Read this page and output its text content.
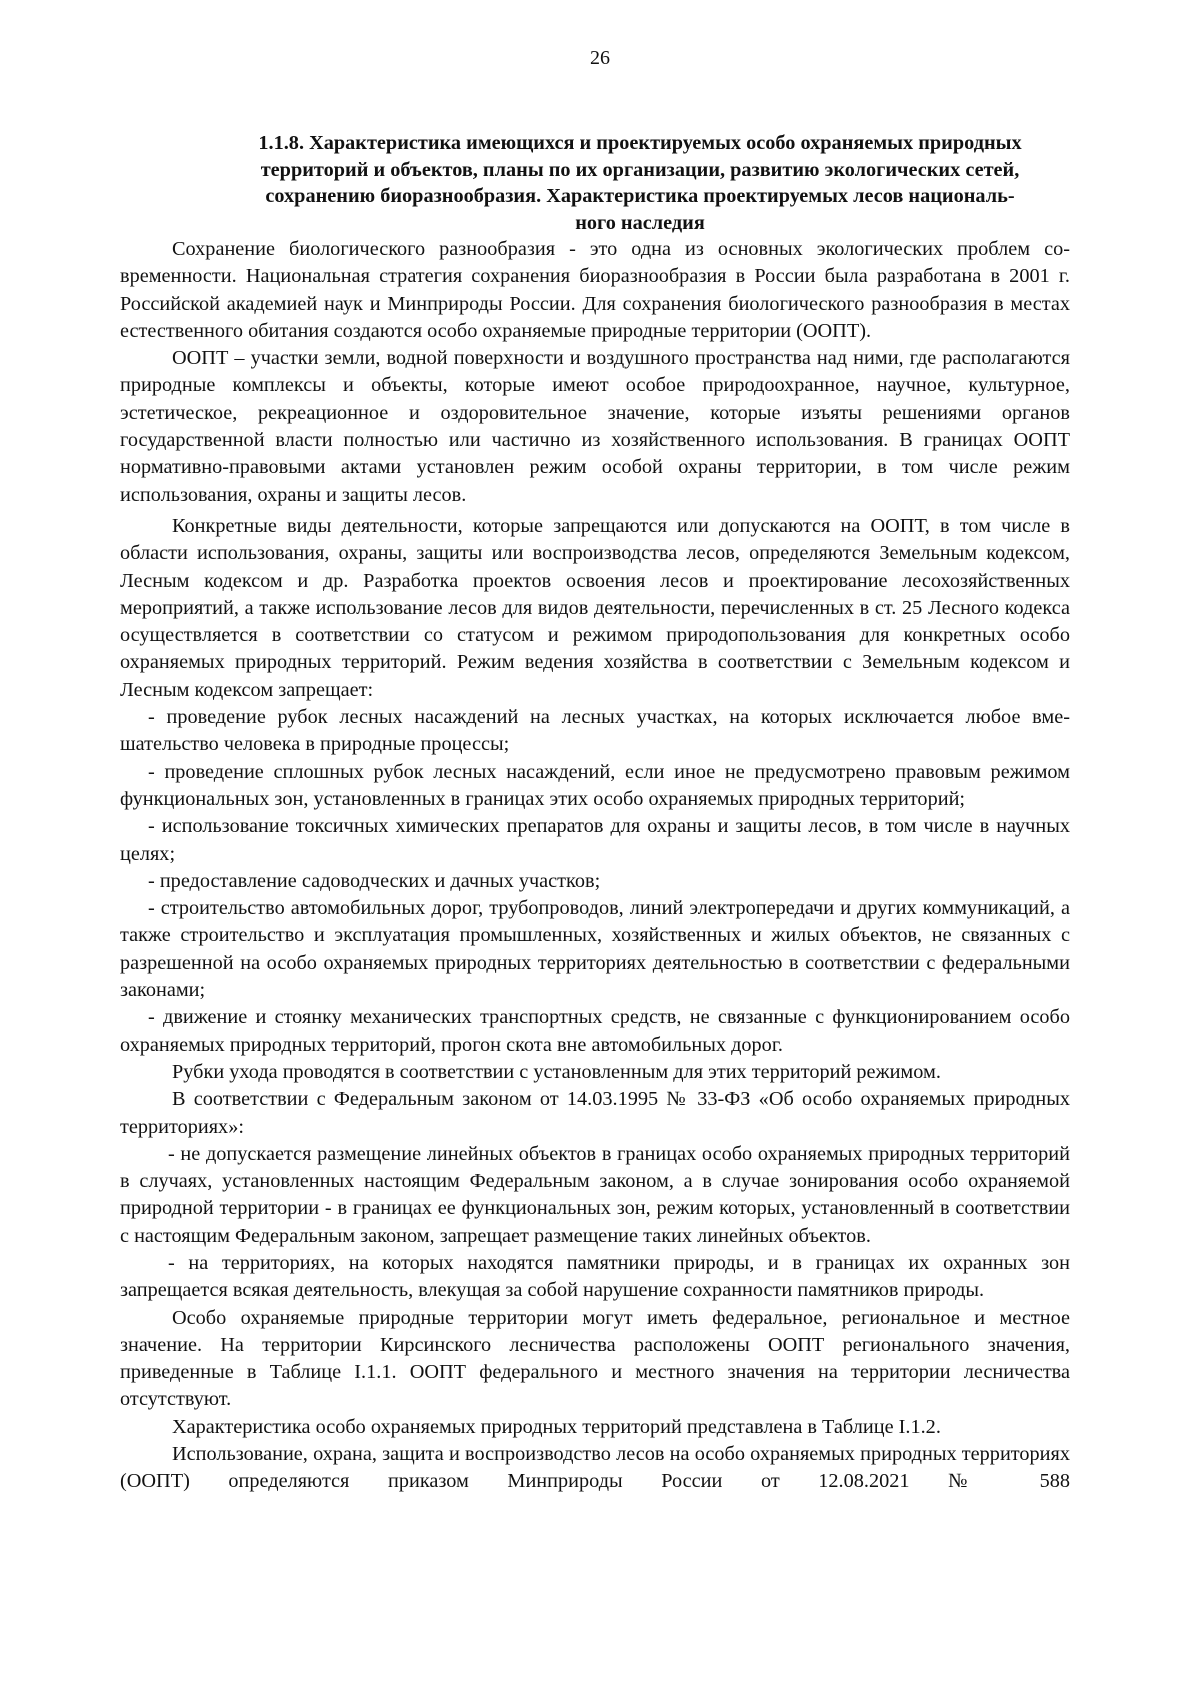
26
1.1.8. Характеристика имеющихся и проектируемых особо охраняемых природных
территорий и объектов, планы по их организации, развитию экологических сетей,
сохранению биоразнообразия. Характеристика проектируемых лесов националь-
ного наследия

Сохранение биологического разнообразия - это одна из основных экологических проблем современности. Национальная стратегия сохранения биоразнообразия в России была разработана в 2001 г. Российской академией наук и Минприроды России. Для сохранения биологического разнообразия в местах естественного обитания создаются особо охраняемые природные территории (ООПТ).

ООПТ – участки земли, водной поверхности и воздушного пространства над ними, где располагаются природные комплексы и объекты, которые имеют особое природоохранное, научное, культурное, эстетическое, рекреационное и оздоровительное значение, которые изъяты решениями органов государственной власти полностью или частично из хозяйственного использования. В границах ООПТ нормативно-правовыми актами установлен режим особой охраны территории, в том числе режим использования, охраны и защиты лесов.

Конкретные виды деятельности, которые запрещаются или допускаются на ООПТ, в том числе в области использования, охраны, защиты или воспроизводства лесов, определяются Земельным кодексом, Лесным кодексом и др. Разработка проектов освоения лесов и проектирование лесохозяйственных мероприятий, а также использование лесов для видов деятельности, перечисленных в ст. 25 Лесного кодекса осуществляется в соответствии со статусом и режимом природопользования для конкретных особо охраняемых природных территорий. Режим ведения хозяйства в соответствии с Земельным кодексом и Лесным кодексом запрещает:

- проведение рубок лесных насаждений на лесных участках, на которых исключается любое вмешательство человека в природные процессы;

- проведение сплошных рубок лесных насаждений, если иное не предусмотрено правовым режимом функциональных зон, установленных в границах этих особо охраняемых природных территорий;

- использование токсичных химических препаратов для охраны и защиты лесов, в том числе в научных целях;

- предоставление садоводческих и дачных участков;

- строительство автомобильных дорог, трубопроводов, линий электропередачи и других коммуникаций, а также строительство и эксплуатация промышленных, хозяйственных и жилых объектов, не связанных с разрешенной на особо охраняемых природных территориях деятельностью в соответствии с федеральными законами;

- движение и стоянку механических транспортных средств, не связанные с функционированием особо охраняемых природных территорий, прогон скота вне автомобильных дорог.

Рубки ухода проводятся в соответствии с установленным для этих территорий режимом.

В соответствии с Федеральным законом от 14.03.1995 № 33-ФЗ «Об особо охраняемых природных территориях»:

- не допускается размещение линейных объектов в границах особо охраняемых природных территорий в случаях, установленных настоящим Федеральным законом, а в случае зонирования особо охраняемой природной территории - в границах ее функциональных зон, режим которых, установленный в соответствии с настоящим Федеральным законом, запрещает размещение таких линейных объектов.

- на территориях, на которых находятся памятники природы, и в границах их охранных зон запрещается всякая деятельность, влекущая за собой нарушение сохранности памятников природы.

Особо охраняемые природные территории могут иметь федеральное, региональное и местное значение. На территории Кирсинского лесничества расположены ООПТ регионального значения, приведенные в Таблице I.1.1. ООПТ федерального и местного значения на территории лесничества отсутствуют.

Характеристика особо охраняемых природных территорий представлена в Таблице I.1.2.

Использование, охрана, защита и воспроизводство лесов на особо охраняемых природных территориях (ООПТ) определяются приказом Минприроды России от 12.08.2021 № 588
